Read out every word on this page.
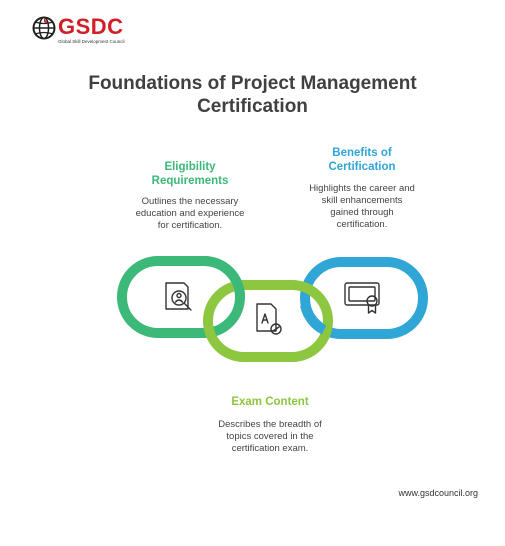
GSDC
Global Skill Development Council
Foundations of Project Management
Certification
Eligibility
Requirements
Outlines the necessary
education and experience
for certification.
Benefits of
Certification
Highlights the career and
skill enhancements
gained through
certification.
Exam Content
Describes the breadth of
topics covered in the
certification exam.
www.gsdcouncil.org
